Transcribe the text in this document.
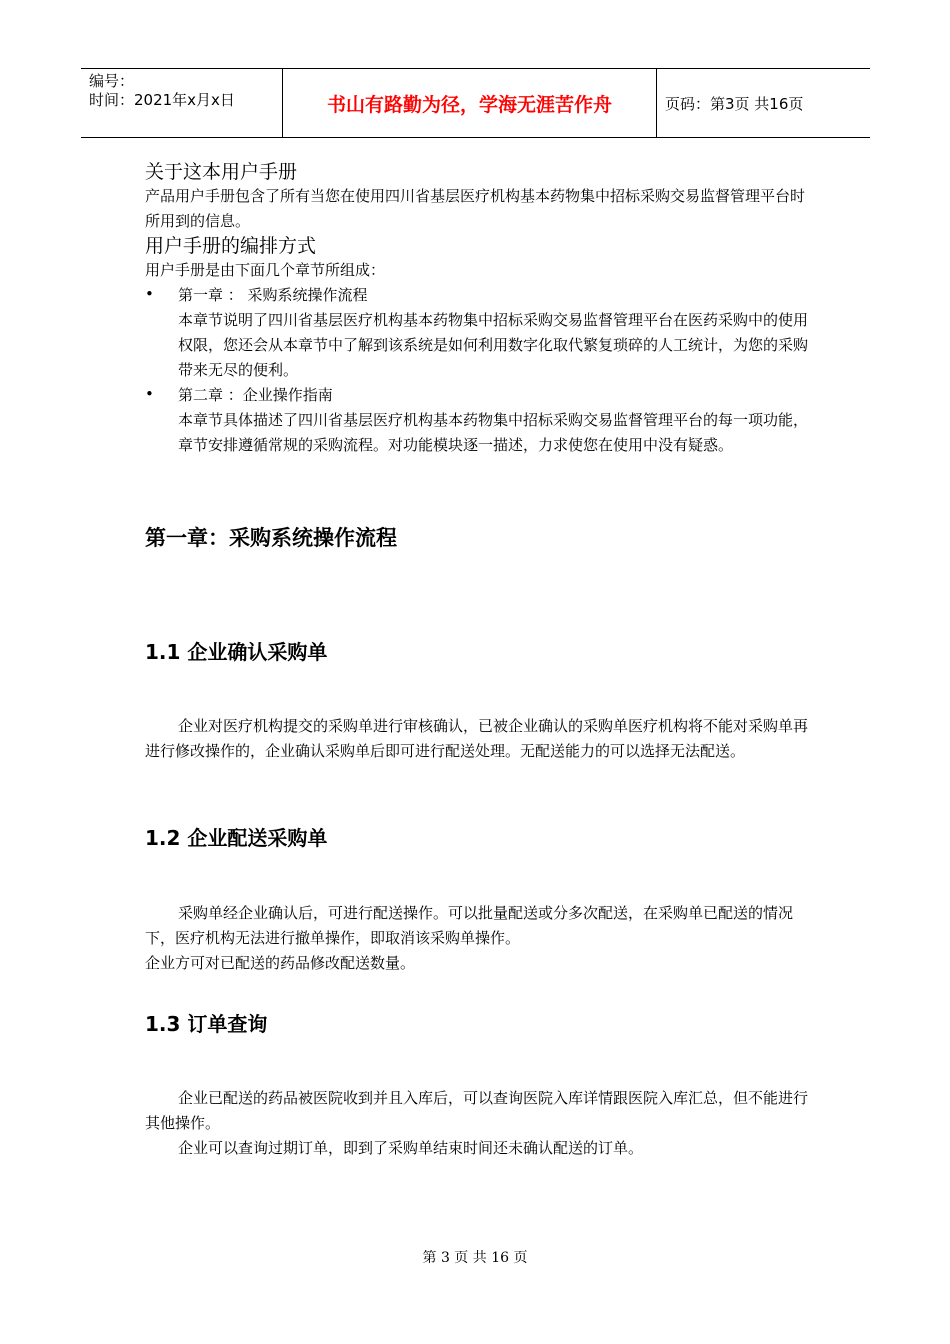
编号：
时间：2021年x月x日	书山有路勤为径，学海无涯苦作舟	页码：第3页 共16页
关于这本用户手册
产品用户手册包含了所有当您在使用四川省基层医疗机构基本药物集中招标采购交易监督管理平台时所用到的信息。
用户手册的编排方式
用户手册是由下面几个章节所组成：
• 第一章 ： 采购系统操作流程
本章节说明了四川省基层医疗机构基本药物集中招标采购交易监督管理平台在医药采购中的使用权限，您还会从本章节中了解到该系统是如何利用数字化取代繁复琐碎的人工统计，为您的采购带来无尽的便利。
• 第二章 ：企业操作指南
本章节具体描述了四川省基层医疗机构基本药物集中招标采购交易监督管理平台的每一项功能，章节安排遵循常规的采购流程。对功能模块逐一描述，力求使您在使用中没有疑惑。
第一章：采购系统操作流程
1.1 企业确认采购单
企业对医疗机构提交的采购单进行审核确认，已被企业确认的采购单医疗机构将不能对采购单再进行修改操作的，企业确认采购单后即可进行配送处理。无配送能力的可以选择无法配送。
1.2 企业配送采购单
采购单经企业确认后，可进行配送操作。可以批量配送或分多次配送，在采购单已配送的情况下，医疗机构无法进行撤单操作，即取消该采购单操作。
企业方可对已配送的药品修改配送数量。
1.3 订单查询
企业已配送的药品被医院收到并且入库后，可以查询医院入库详情跟医院入库汇总，但不能进行其他操作。
企业可以查询过期订单，即到了采购单结束时间还未确认配送的订单。
第 3 页 共 16 页
